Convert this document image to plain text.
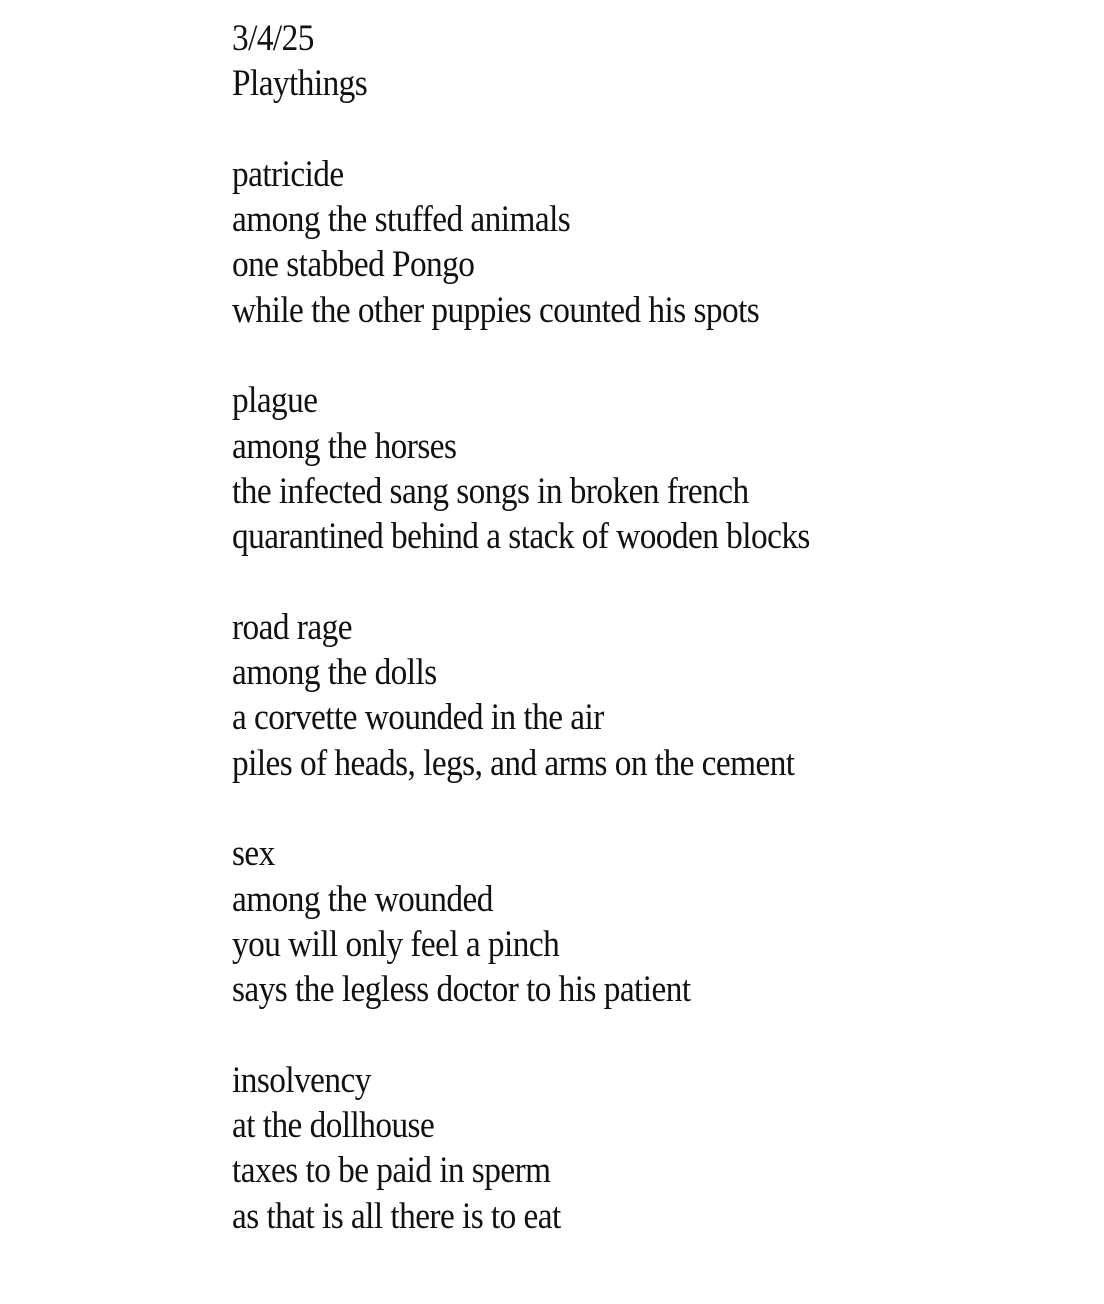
3/4/25
Playthings
patricide
among the stuffed animals
one stabbed Pongo
while the other puppies counted his spots
plague
among the horses
the infected sang songs in broken french
quarantined behind a stack of wooden blocks
road rage
among the dolls
a corvette wounded in the air
piles of heads, legs, and arms on the cement
sex
among the wounded
you will only feel a pinch
says the legless doctor to his patient
insolvency
at the dollhouse
taxes to be paid in sperm
as that is all there is to eat
